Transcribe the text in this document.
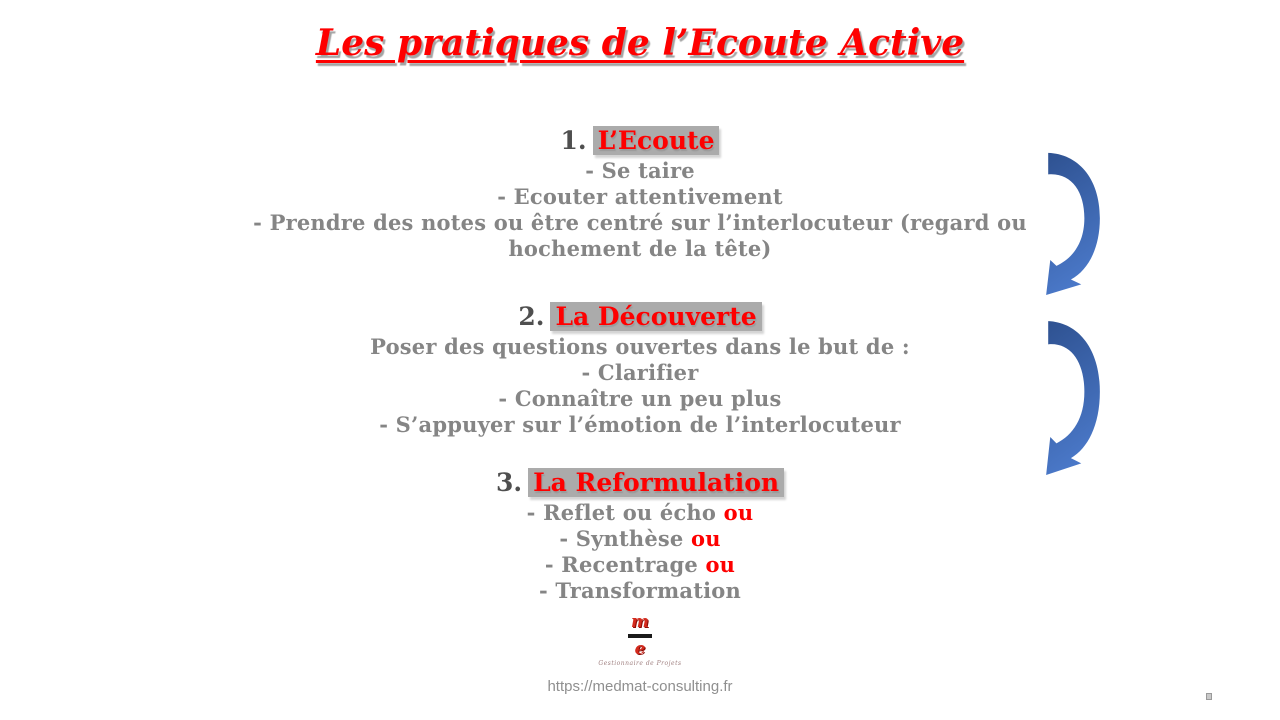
Les pratiques de l’Ecoute Active
1. L’Ecoute

- Se taire

- Ecouter attentivement

- Prendre des notes ou être centré sur l’interlocuteur (regard ou hochement de la tête)

2. La Découverte

Poser des questions ouvertes dans le but de :

- Clarifier

- Connaître un peu plus

- S’appuyer sur l’émotion de l’interlocuteur

3. La Reformulation

- Reflet ou écho ou

- Synthèse ou

- Recentrage ou

- Transformation

m
e
Gestionnaire de Projets
https://medmat-consulting.fr
